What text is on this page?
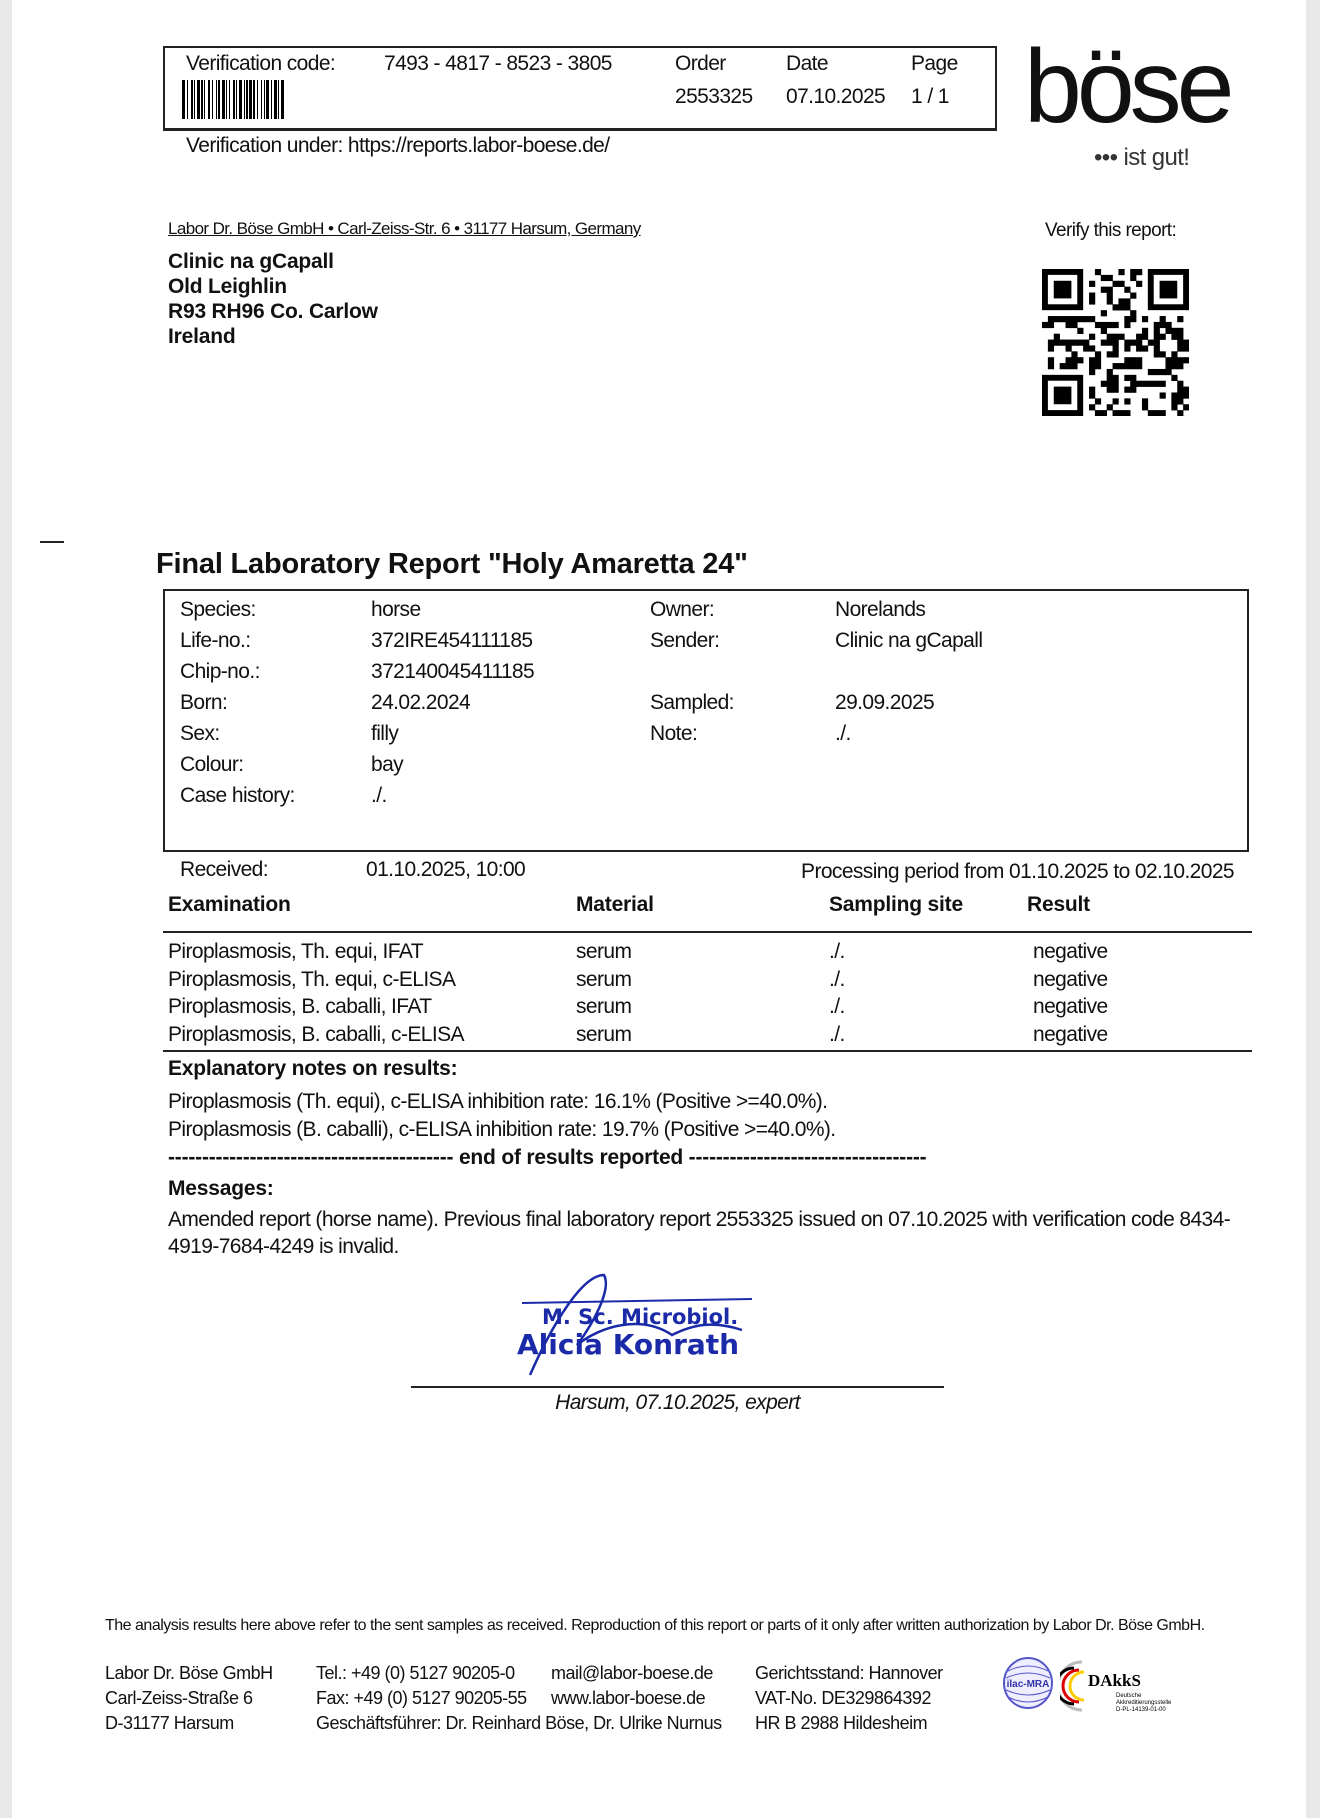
Verification code: 7493 - 4817 - 8523 - 3805	Order
2553325
Date
07.10.2025
Page
1 / 1
Verification under: https://reports.labor-boese.de/
böse
••• ist gut!
Verify this report:
Labor Dr. Böse GmbH • Carl-Zeiss-Str. 6 • 31177 Harsum, Germany
Clinic na gCapall
Old Leighlin
R93 RH96 Co. Carlow
Ireland
Final Laboratory Report "Holy Amaretta 24"
Received:	01.10.2025, 10:00	Processing period from 01.10.2025 to 02.10.2025
Examination	Material	Sampling site	Result
Explanatory notes on results:
Piroplasmosis (Th. equi), c-ELISA inhibition rate: 16.1% (Positive >=40.0%).
Piroplasmosis (B. caballi), c-ELISA inhibition rate: 19.7% (Positive >=40.0%).
------------------------------------------ end of results reported -----------------------------------
Messages:
Amended report (horse name). Previous final laboratory report 2553325 issued on 07.10.2025 with verification code 8434-
4919-7684-4249 is invalid.
M. Sc. Microbiol.
Alicia Konrath
Harsum, 07.10.2025, expert
The analysis results here above refer to the sent samples as received. Reproduction of this report or parts of it only after written authorization by Labor Dr. Böse GmbH.
ilac-MRA DAkkS
Deutsche
Akkreditierungsstelle
D-PL-14139-01-00
Species:	horse
Life-no.:	372IRE454111185
Chip-no.:	372140045411185
Born:	24.02.2024
Sex:	filly
Colour:	bay
Case history:	./.
Owner:	Norelands
Sender:	Clinic na gCapall
Sampled:	29.09.2025
Note:	./.
Piroplasmosis, Th. equi, IFAT	serum	./.	negative
Piroplasmosis, Th. equi, c-ELISA	serum	./.	negative
Piroplasmosis, B. caballi, IFAT	serum	./.	negative
Piroplasmosis, B. caballi, c-ELISA	serum	./.	negative
Labor Dr. Böse GmbH
Carl-Zeiss-Straße 6
D-31177 Harsum
Tel.: +49 (0) 5127 90205-0
Fax: +49 (0) 5127 90205-55
Geschäftsführer: Dr. Reinhard Böse, Dr. Ulrike Nurnus
mail@labor-boese.de
www.labor-boese.de
Gerichtsstand: Hannover
VAT-No. DE329864392
HR B 2988 Hildesheim
